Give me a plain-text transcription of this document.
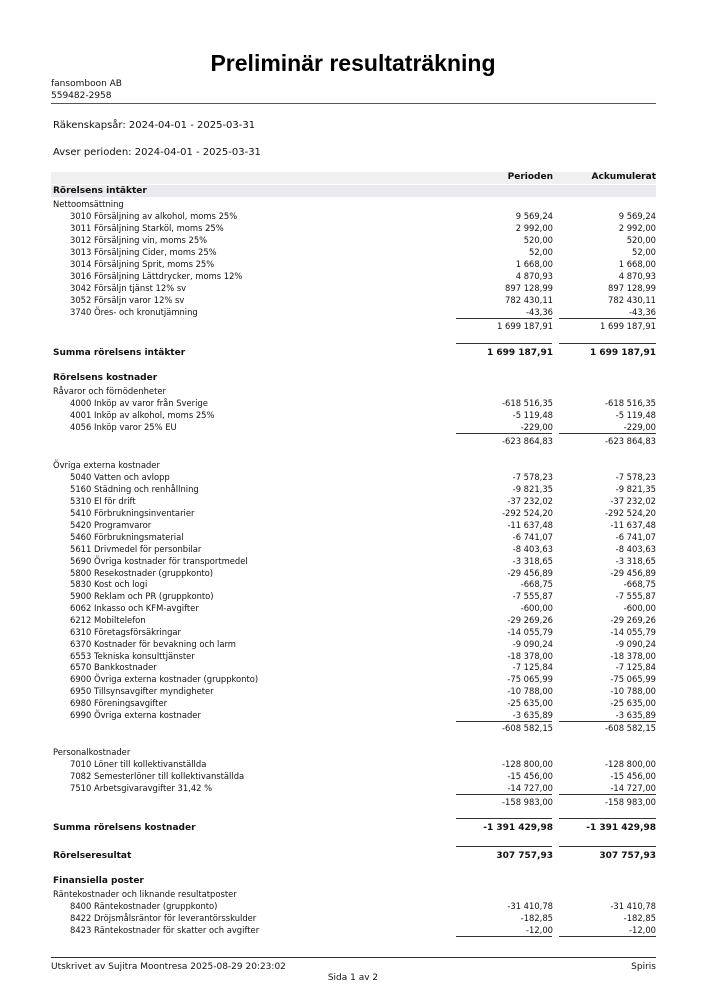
Preliminär resultaträkning
fansomboon AB
559482-2958
Räkenskapsår: 2024-04-01 - 2025-03-31
Avser perioden: 2024-04-01 - 2025-03-31
Perioden	Ackumulerat
Rörelsens intäkter
Nettoomsättning
3010 Försäljning av alkohol, moms 25%	9 569,24	9 569,24
3011 Försäljning Starköl, moms 25%	2 992,00	2 992,00
3012 Försäljning vin, moms 25%	520,00	520,00
3013 Försäljning Cider, moms 25%	52,00	52,00
3014 Försäljning Sprit, moms 25%	1 668,00	1 668,00
3016 Försäljning Lättdrycker, moms 12%	4 870,93	4 870,93
3042 Försäljn tjänst 12% sv	897 128,99	897 128,99
3052 Försäljn varor 12% sv	782 430,11	782 430,11
3740 Öres- och kronutjämning	-43,36	-43,36
1 699 187,91	1 699 187,91
Summa rörelsens intäkter	1 699 187,91	1 699 187,91
Rörelsens kostnader
Råvaror och förnödenheter
4000 Inköp av varor från Sverige	-618 516,35	-618 516,35
4001 Inköp av alkohol, moms 25%	-5 119,48	-5 119,48
4056 Inköp varor 25% EU	-229,00	-229,00
-623 864,83	-623 864,83
Övriga externa kostnader
5040 Vatten och avlopp	-7 578,23	-7 578,23
5160 Städning och renhållning	-9 821,35	-9 821,35
5310 El för drift	-37 232,02	-37 232,02
5410 Förbrukningsinventarier	-292 524,20	-292 524,20
5420 Programvaror	-11 637,48	-11 637,48
5460 Förbrukningsmaterial	-6 741,07	-6 741,07
5611 Drivmedel för personbilar	-8 403,63	-8 403,63
5690 Övriga kostnader för transportmedel	-3 318,65	-3 318,65
5800 Resekostnader (gruppkonto)	-29 456,89	-29 456,89
5830 Kost och logi	-668,75	-668,75
5900 Reklam och PR (gruppkonto)	-7 555,87	-7 555,87
6062 Inkasso och KFM-avgifter	-600,00	-600,00
6212 Mobiltelefon	-29 269,26	-29 269,26
6310 Företagsförsäkringar	-14 055,79	-14 055,79
6370 Kostnader för bevakning och larm	-9 090,24	-9 090,24
6553 Tekniska konsulttjänster	-18 378,00	-18 378,00
6570 Bankkostnader	-7 125,84	-7 125,84
6900 Övriga externa kostnader (gruppkonto)	-75 065,99	-75 065,99
6950 Tillsynsavgifter myndigheter	-10 788,00	-10 788,00
6980 Föreningsavgifter	-25 635,00	-25 635,00
6990 Övriga externa kostnader	-3 635,89	-3 635,89
-608 582,15	-608 582,15
Personalkostnader
7010 Löner till kollektivanställda	-128 800,00	-128 800,00
7082 Semesterlöner till kollektivanställda	-15 456,00	-15 456,00
7510 Arbetsgivaravgifter 31,42 %	-14 727,00	-14 727,00
-158 983,00	-158 983,00
Summa rörelsens kostnader	-1 391 429,98	-1 391 429,98
Rörelseresultat	307 757,93	307 757,93
Finansiella poster
Räntekostnader och liknande resultatposter
8400 Räntekostnader (gruppkonto)	-31 410,78	-31 410,78
8422 Dröjsmålsräntor för leverantörsskulder	-182,85	-182,85
8423 Räntekostnader för skatter och avgifter	-12,00	-12,00
Utskrivet av Sujitra Moontresa 2025-08-29 20:23:02	Spiris
Sida 1 av 2
